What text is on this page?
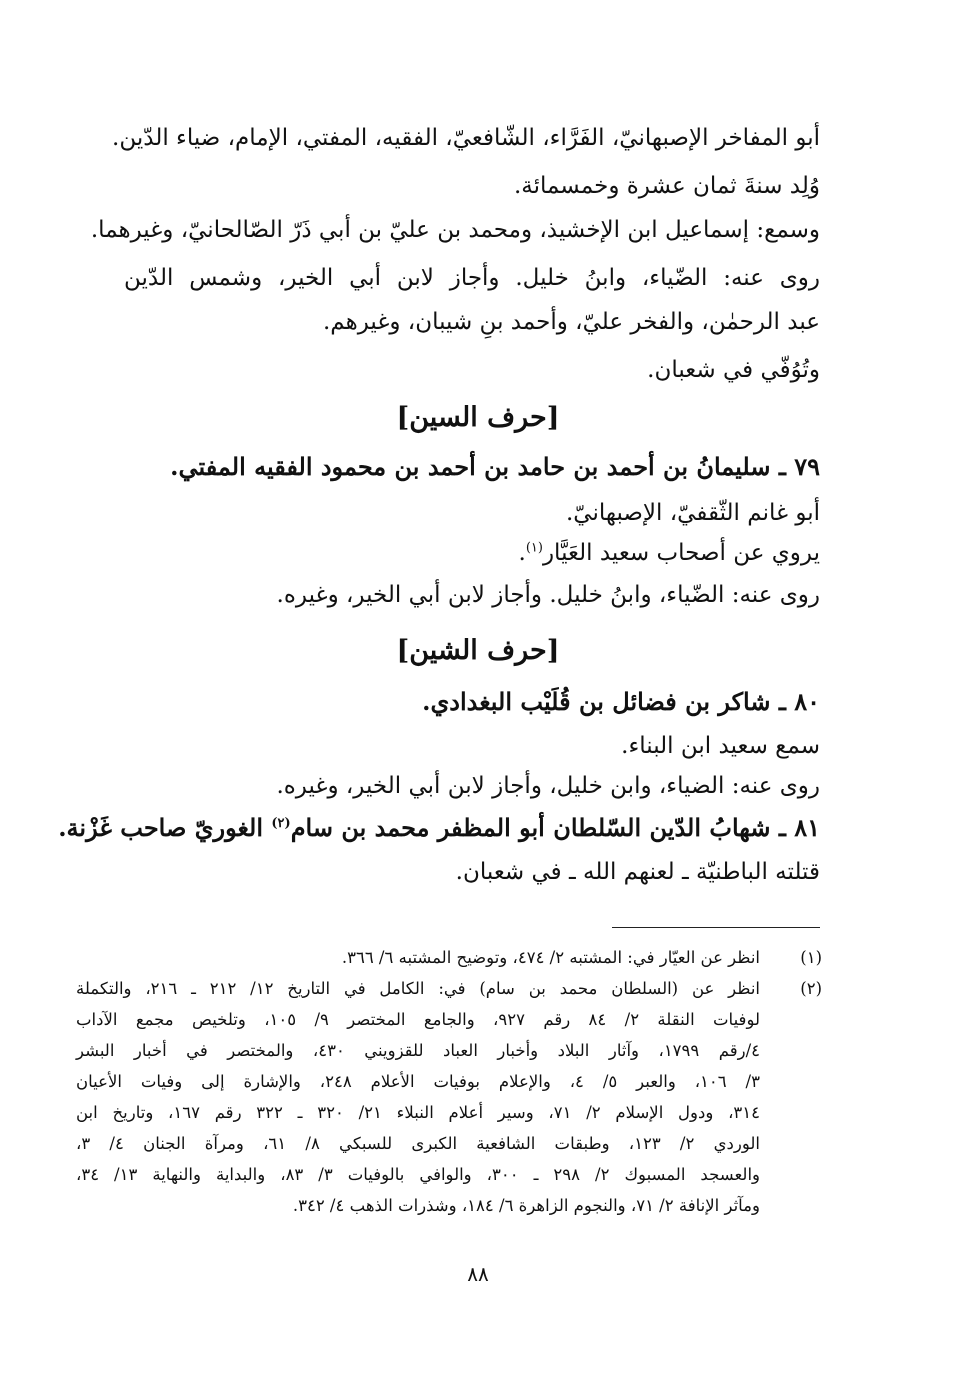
أبو المفاخر الإصبهانيّ، الفَرَّاء، الشّافعيّ، الفقيه، المفتي، الإمام، ضياء الدّين.
وُلِد سنةَ ثمان عشرة وخمسمائة.
وسمع: إسماعيل ابن الإخشيذ، ومحمد بن عليّ بن أبي ذَرّ الصّالحانيّ، وغيرهما.
روى عنه: الضّياء، وابنُ خليل. وأجاز لابن أبي الخير، وشمس الدّين
عبد الرحمٰن، والفخر عليّ، وأحمد بنِ شيبان، وغيرهم.
وتُوُفّي في شعبان.
[حرف السين]
٧٩ ـ سليمانُ بن أحمد بن حامد بن أحمد بن محمود الفقيه المفتي.
أبو غانم الثّقفيّ، الإصبهانيّ.
يروي عن أصحاب سعيد العَيَّار$^{(١)}$.
روى عنه: الضّياء، وابنُ خليل. وأجاز لابن أبي الخير، وغيره.
[حرف الشين]
٨٠ ـ شاكر بن فضائل بن قُلَيْب البغدادي.
سمع سعيد ابن البناء.
روى عنه: الضياء، وابن خليل، وأجاز لابن أبي الخير، وغيره.
٨١ ـ شهابُ الدّين السّلطان أبو المظفر محمد بن سام$^{(٢)}$ الغوريّ صاحب غَزْنة.
قتلته الباطنيّة ـ لعنهم الله ـ في شعبان.
(١)
انظر عن العيّار في: المشتبه ٢/ ٤٧٤، وتوضيح المشتبه ٦/ ٣٦٦.
(٢)
انظر عن (السلطان محمد بن سام) في: الكامل في التاريخ ١٢/ ٢١٢ ـ ٢١٦، والتكملة
لوفيات النقلة ٢/ ٨٤ رقم ٩٢٧، والجامع المختصر ٩/ ١٠٥، وتلخيص مجمع الآداب
٤/رقم ١٧٩٩، وآثار البلاد وأخبار العباد للقزويني ٤٣٠، والمختصر في أخبار البشر
٣/ ١٠٦، والعبر ٥/ ٤، والإعلام بوفيات الأعلام ٢٤٨، والإشارة إلى وفيات الأعيان
٣١٤، ودول الإسلام ٢/ ٧١، وسير أعلام النبلاء ٢١/ ٣٢٠ ـ ٣٢٢ رقم ١٦٧، وتاريخ ابن
الوردي ٢/ ١٢٣، وطبقات الشافعية الكبرى للسبكي ٨/ ٦١، ومرآة الجنان ٤/ ٣،
والعسجد المسبوك ٢/ ٢٩٨ ـ ٣٠٠، والوافي بالوفيات ٣/ ٨٣، والبداية والنهاية ١٣/ ٣٤،
ومآثر الإنافة ٢/ ٧١، والنجوم الزاهرة ٦/ ١٨٤، وشذرات الذهب ٤/ ٣٤٢.
٨٨
